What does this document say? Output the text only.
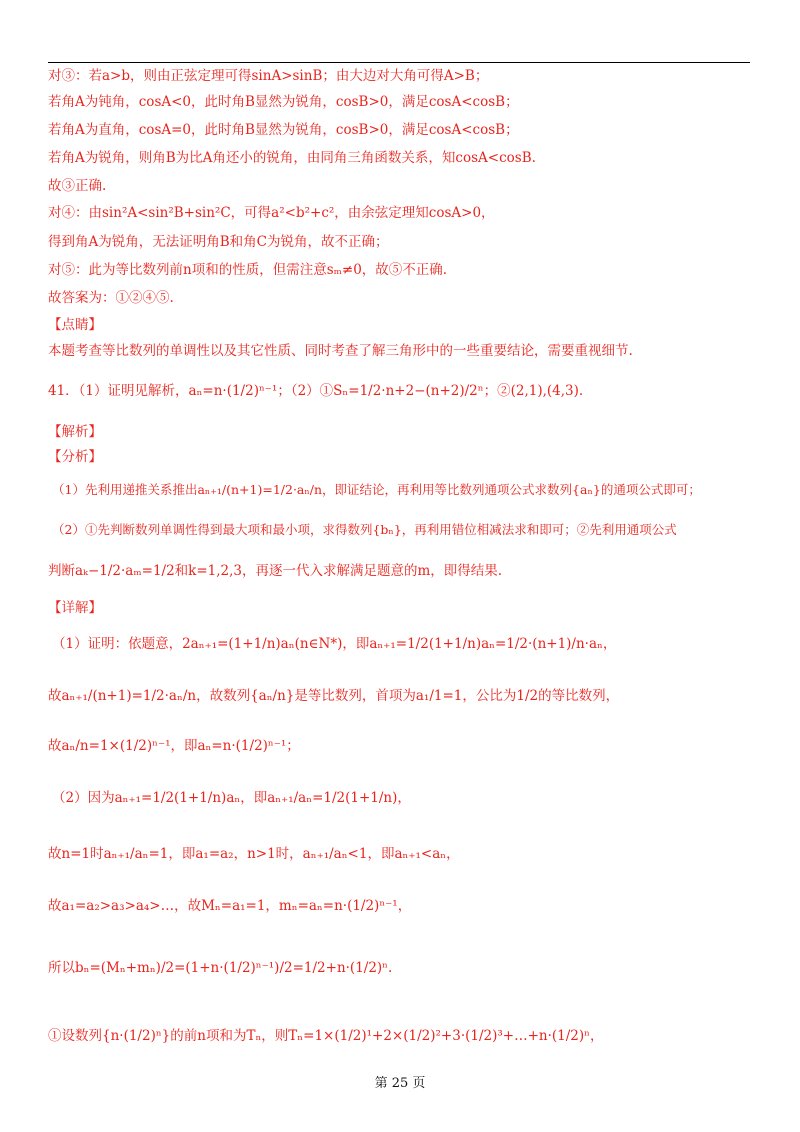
对③：若a>b，则由正弦定理可得sinA>sinB；由大边对大角可得A>B；
若角A为钝角，cosA<0，此时角B显然为锐角，cosB>0，满足cosA<cosB；
若角A为直角，cosA=0，此时角B显然为锐角，cosB>0，满足cosA<cosB；
若角A为锐角，则角B为比A角还小的锐角，由同角三角函数关系，知cosA<cosB.
故③正确.
对④：由sin²A<sin²B+sin²C，可得a²<b²+c²，由余弦定理知cosA>0，
得到角A为锐角，无法证明角B和角C为锐角，故不正确；
对⑤：此为等比数列前n项和的性质，但需注意sₘ≠0，故⑤不正确.
故答案为：①②④⑤.
【点睛】
本题考查等比数列的单调性以及其它性质、同时考查了解三角形中的一些重要结论，需要重视细节.
41．（1）证明见解析，aₙ=n·(1/2)ⁿ⁻¹；（2）①Sₙ=1/2·n+2−(n+2)/2ⁿ；②(2,1),(4,3).
【解析】
【分析】
（1）先利用递推关系推出aₙ₊₁/(n+1)=1/2·aₙ/n，即证结论，再利用等比数列通项公式求数列{aₙ}的通项公式即可；
（2）①先判断数列单调性得到最大项和最小项，求得数列{bₙ}，再利用错位相减法求和即可；②先利用通项公式
判断aₖ−1/2·aₘ=1/2和k=1,2,3，再逐一代入求解满足题意的m，即得结果.
【详解】
（1）证明：依题意，2aₙ₊₁=(1+1/n)aₙ(n∈N*)，即aₙ₊₁=1/2(1+1/n)aₙ=1/2·(n+1)/n·aₙ，
故aₙ₊₁/(n+1)=1/2·aₙ/n，故数列{aₙ/n}是等比数列，首项为a₁/1=1，公比为1/2的等比数列，
故aₙ/n=1×(1/2)ⁿ⁻¹，即aₙ=n·(1/2)ⁿ⁻¹；
（2）因为aₙ₊₁=1/2(1+1/n)aₙ，即aₙ₊₁/aₙ=1/2(1+1/n)，
故n=1时aₙ₊₁/aₙ=1，即a₁=a₂，n>1时，aₙ₊₁/aₙ<1，即aₙ₊₁<aₙ，
故a₁=a₂>a₃>a₄>…，故Mₙ=a₁=1，mₙ=aₙ=n·(1/2)ⁿ⁻¹，
所以bₙ=(Mₙ+mₙ)/2=(1+n·(1/2)ⁿ⁻¹)/2=1/2+n·(1/2)ⁿ.
①设数列{n·(1/2)ⁿ}的前n项和为Tₙ，则Tₙ=1×(1/2)¹+2×(1/2)²+3·(1/2)³+…+n·(1/2)ⁿ，
第 25 页
